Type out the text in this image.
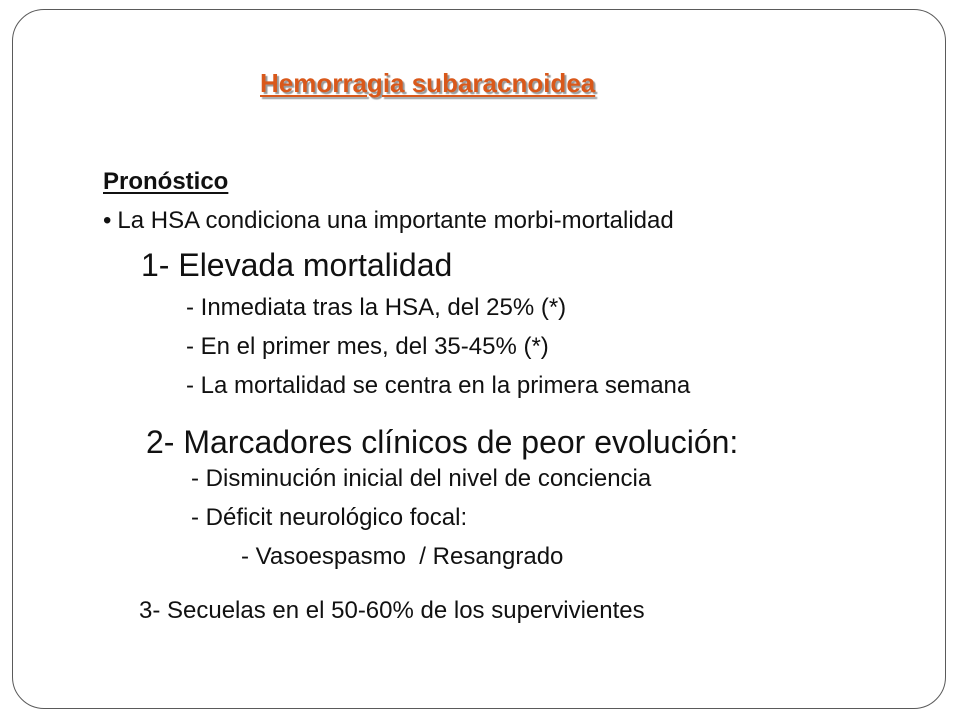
Hemorragia subaracnoidea
Pronóstico
• La HSA condiciona una importante morbi-mortalidad
1- Elevada mortalidad
- Inmediata tras la HSA, del 25% (*)
- En el primer mes, del 35-45% (*)
- La mortalidad se centra en la primera semana
2- Marcadores clínicos de peor evolución:
- Disminución inicial del nivel de conciencia
- Déficit neurológico focal:
- Vasoespasmo  / Resangrado
3- Secuelas en el 50-60% de los supervivientes
